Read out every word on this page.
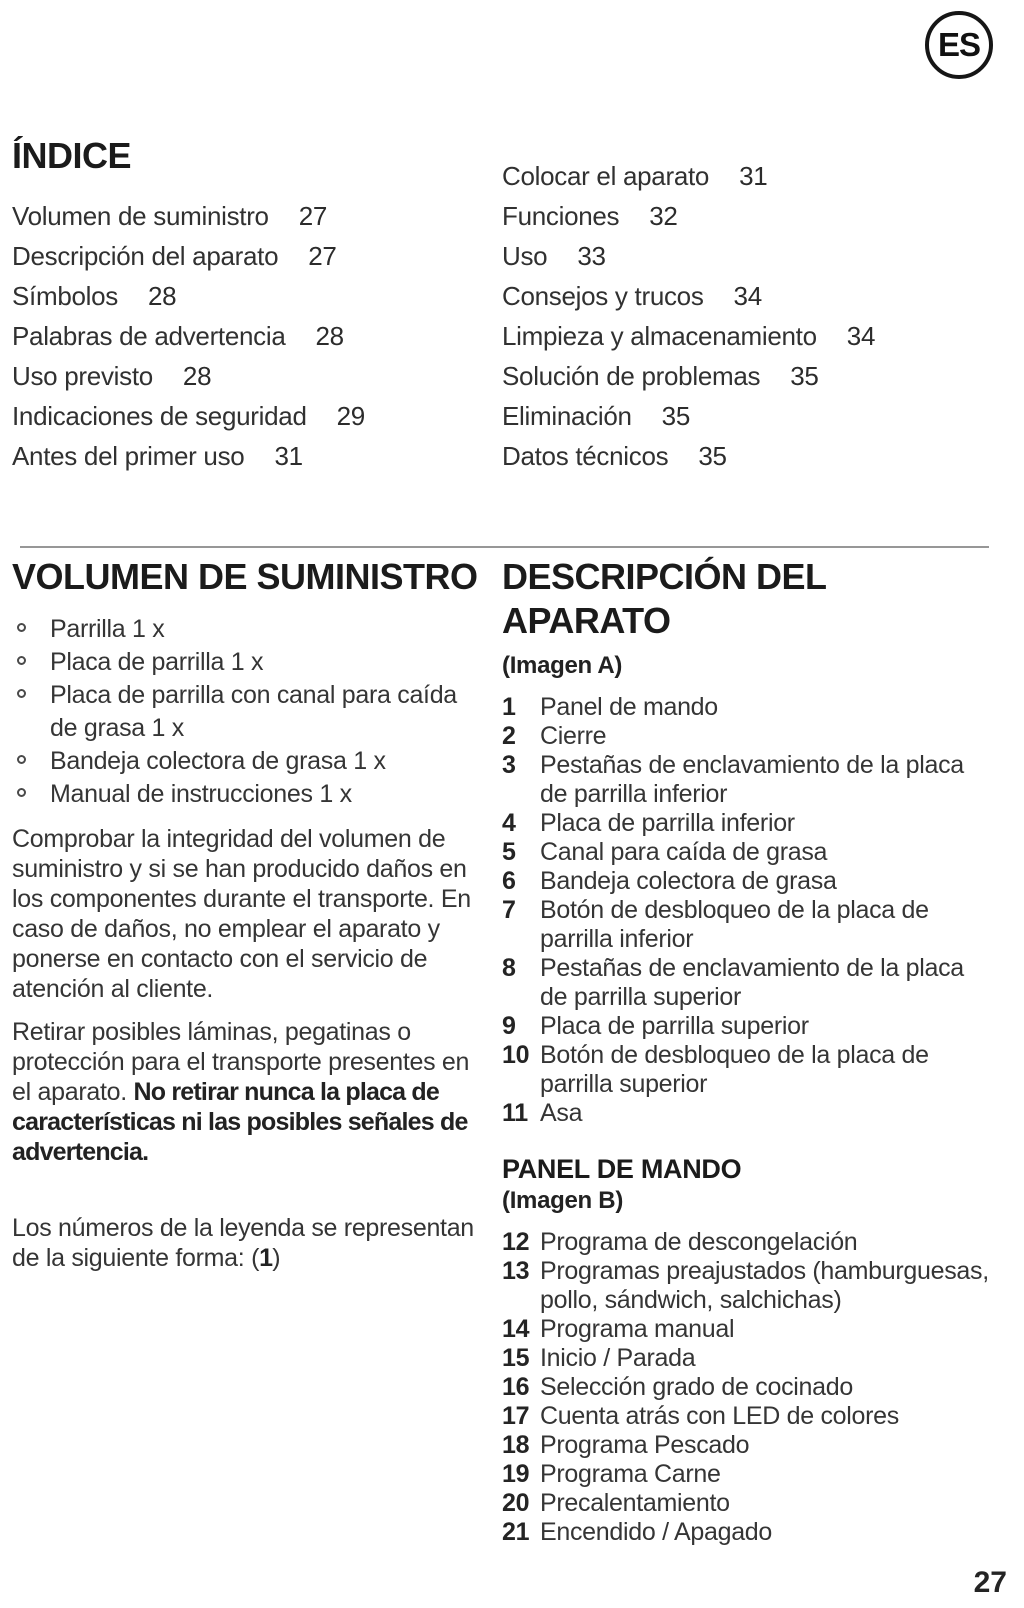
ES
ÍNDICE
Volumen de suministro 27
Descripción del aparato 27
Símbolos 28
Palabras de advertencia 28
Uso previsto 28
Indicaciones de seguridad 29
Antes del primer uso 31
Colocar el aparato 31
Funciones 32
Uso 33
Consejos y trucos 34
Limpieza y almacenamiento 34
Solución de problemas 35
Eliminación 35
Datos técnicos 35
VOLUMEN DE SUMINISTRO
Parrilla 1 x
Placa de parrilla 1 x
Placa de parrilla con canal para caída de grasa 1 x
Bandeja colectora de grasa 1 x
Manual de instrucciones 1 x

Comprobar la integridad del volumen de suministro y si se han producido daños en los componentes durante el transporte. En caso de daños, no emplear el aparato y ponerse en contacto con el servicio de atención al cliente.

Retirar posibles láminas, pegatinas o protección para el transporte presentes en el aparato. No retirar nunca la placa de características ni las posibles señales de advertencia.

Los números de la leyenda se representan de la siguiente forma: (1)

DESCRIPCIÓN DEL APARATO
(Imagen A)
1 Panel de mando
2 Cierre
3 Pestañas de enclavamiento de la placa de parrilla inferior
4 Placa de parrilla inferior
5 Canal para caída de grasa
6 Bandeja colectora de grasa
7 Botón de desbloqueo de la placa de parrilla inferior
8 Pestañas de enclavamiento de la placa de parrilla superior
9 Placa de parrilla superior
10 Botón de desbloqueo de la placa de parrilla superior
11 Asa
PANEL DE MANDO
(Imagen B)
12 Programa de descongelación
13 Programas preajustados (hamburguesas, pollo, sándwich, salchichas)
14 Programa manual
15 Inicio / Parada
16 Selección grado de cocinado
17 Cuenta atrás con LED de colores
18 Programa Pescado
19 Programa Carne
20 Precalentamiento
21 Encendido / Apagado
27
